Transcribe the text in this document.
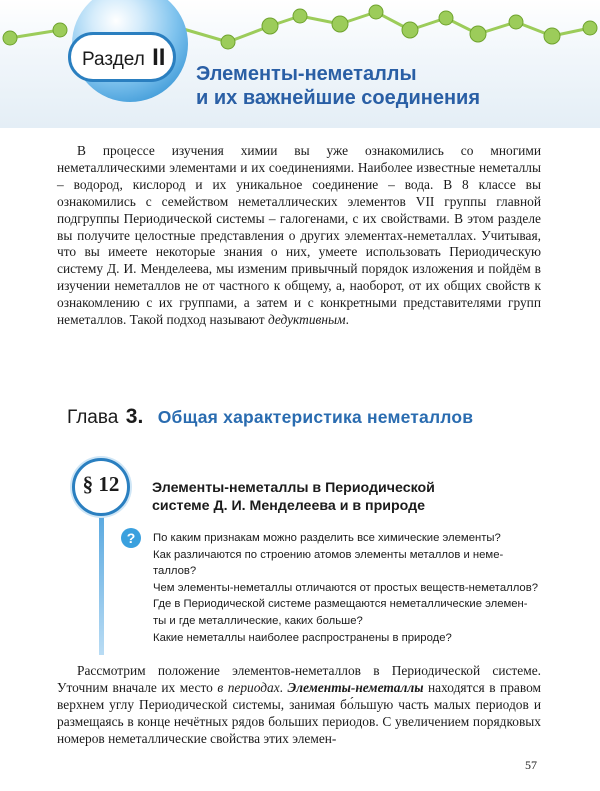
Раздел II
Элементы-неметаллы
и их важнейшие соединения

В процессе изучения химии вы уже ознакомились со многими неметаллическими элементами и их соединениями. Наиболее известные неметаллы – водород, кислород и их уникальное соединение – вода. В 8 классе вы ознакомились с семейством неметаллических элементов VII группы главной подгруппы Периодической системы – галогенами, с их свойствами. В этом разделе вы получите целостные представления о других элементах-неметаллах. Учитывая, что вы имеете некоторые знания о них, умеете использовать Периодическую систему Д. И. Менделеева, мы изменим привычный порядок изложения и пойдём в изучении неметаллов не от частного к общему, а, наоборот, от их общих свойств к ознакомлению с их группами, а затем и с конкретными представителями групп неметаллов. Такой подход называют дедуктивным.

Глава 3. Общая характеристика неметаллов
§ 12	Элементы-неметаллы в Периодической
системе Д. И. Менделеева и в природе
?	По каким признакам можно разделить все химические элементы?
Как различаются по строению атомов элементы металлов и неме-
таллов?
Чем элементы-неметаллы отличаются от простых веществ-неметаллов?
Где в Периодической системе размещаются неметаллические элемен-
ты и где металлические, каких больше?
Какие неметаллы наиболее распространены в природе?

Рассмотрим положение элементов-неметаллов в Периодической системе. Уточним вначале их место в периодах. Элементы-неметаллы находятся в правом верхнем углу Периодической системы, занимая бо́льшую часть малых периодов и размещаясь в конце нечётных рядов больших периодов. С увеличением порядковых номеров неметаллические свойства этих элемен-

57
